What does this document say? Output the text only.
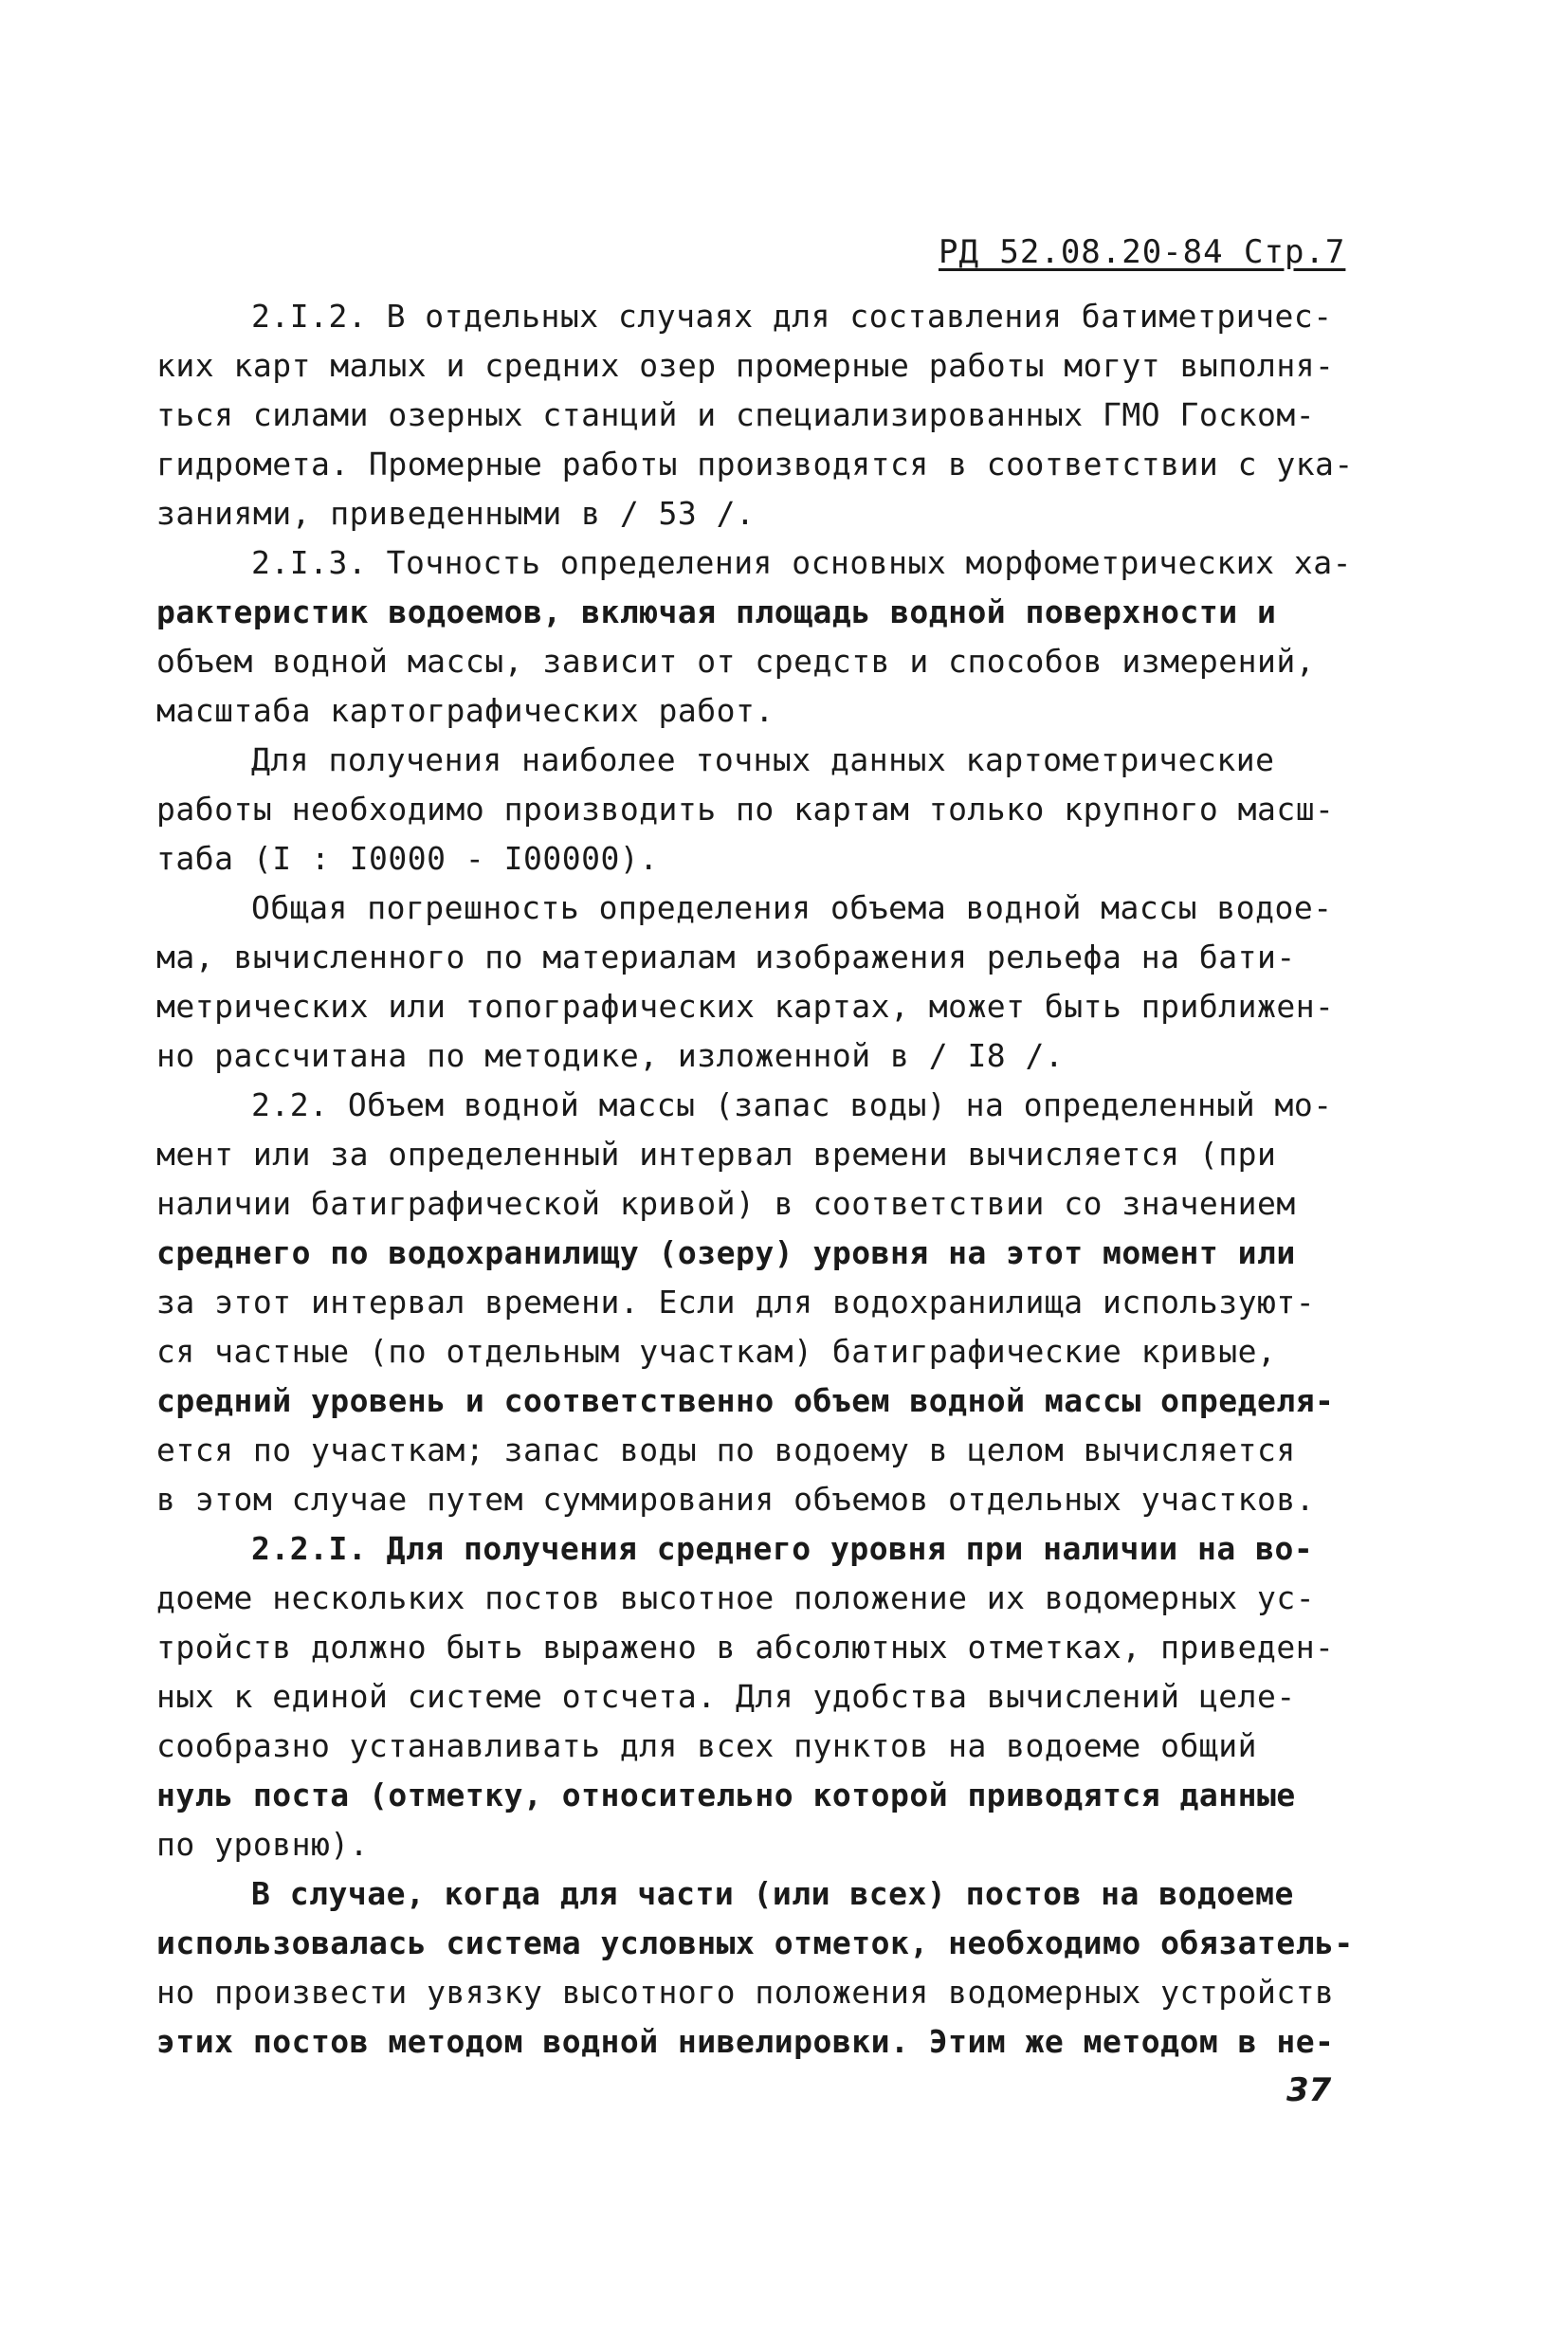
РД 52.08.20-84 Стр.7
2.I.2. В отдельных случаях для составления батиметричес-
ких карт малых и средних озер промерные работы могут выполня-
ться силами озерных станций и специализированных ГМО Госком-
гидромета. Промерные работы производятся в соответствии с ука-
заниями, приведенными в / 53 /.
2.I.3. Точность определения основных морфометрических ха-
рактеристик водоемов, включая площадь водной поверхности и
объем водной массы, зависит от средств и способов измерений,
масштаба картографических работ.
Для получения наиболее точных данных картометрические
работы необходимо производить по картам только крупного масш-
таба (I : I0000 - I00000).
Общая погрешность определения объема водной массы водое-
ма, вычисленного по материалам изображения рельефа на бати-
метрических или топографических картах, может быть приближен-
но рассчитана по методике, изложенной в / I8 /.
2.2. Объем водной массы (запас воды) на определенный мо-
мент или за определенный интервал времени вычисляется (при
наличии батиграфической кривой) в соответствии со значением
среднего по водохранилищу (озеру) уровня на этот момент или
за этот интервал времени. Если для водохранилища используют-
ся частные (по отдельным участкам) батиграфические кривые,
средний уровень и соответственно объем водной массы определя-
ется по участкам; запас воды по водоему в целом вычисляется
в этом случае путем суммирования объемов отдельных участков.
2.2.I. Для получения среднего уровня при наличии на во-
доеме нескольких постов высотное положение их водомерных ус-
тройств должно быть выражено в абсолютных отметках, приведен-
ных к единой системе отсчета. Для удобства вычислений целе-
сообразно устанавливать для всех пунктов на водоеме общий
нуль поста (отметку, относительно которой приводятся данные
по уровню).
В случае, когда для части (или всех) постов на водоеме
использовалась система условных отметок, необходимо обязатель-
но произвести увязку высотного положения водомерных устройств
этих постов методом водной нивелировки. Этим же методом в не-
37
